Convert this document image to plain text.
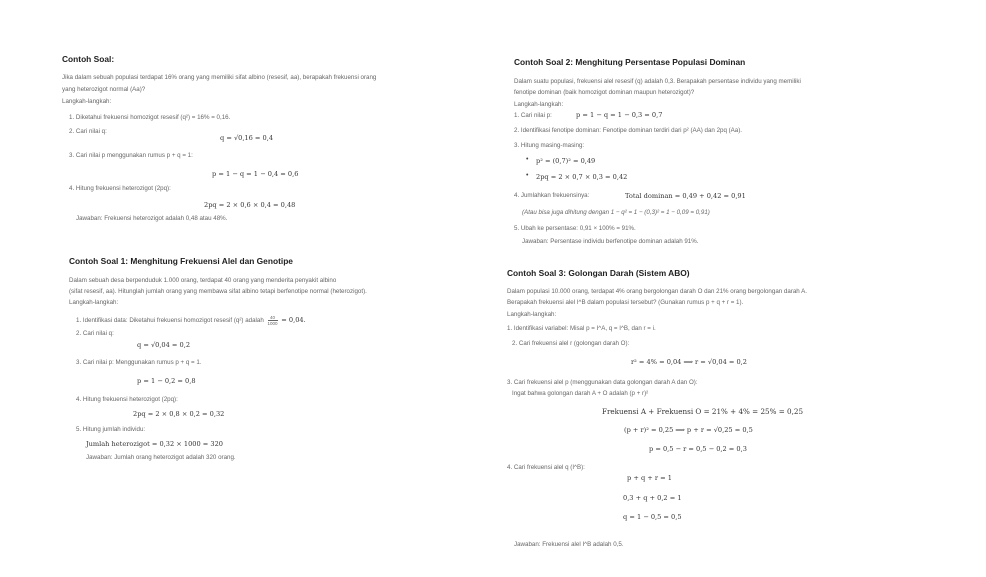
Contoh Soal:
Jika dalam sebuah populasi terdapat 16% orang yang memiliki sifat albino (resesif, aa), berapakah frekuensi orang
yang heterozigot normal (Aa)?
Langkah-langkah:
1. Diketahui frekuensi homozigot resesif (q²) = 16% = 0,16.
2. Cari nilai q:
q = √0,16 = 0,4
3. Cari nilai p menggunakan rumus p + q = 1:
p = 1 − q = 1 − 0,4 = 0,6
4. Hitung frekuensi heterozigot (2pq):
2pq = 2 × 0,6 × 0,4 = 0,48
Jawaban: Frekuensi heterozigot adalah 0,48 atau 48%.
Contoh Soal 1: Menghitung Frekuensi Alel dan Genotipe
Dalam sebuah desa berpenduduk 1.000 orang, terdapat 40 orang yang menderita penyakit albino
(sifat resesif, aa). Hitunglah jumlah orang yang membawa sifat albino tetapi berfenotipe normal (heterozigot).
Langkah-langkah:
1. Identifikasi data: Diketahui frekuensi homozigot resesif (q²) adalah $\frac{40}{1000} = 0,04$.
2. Cari nilai q:
q = √0,04 = 0,2
3. Cari nilai p: Menggunakan rumus p + q = 1.
p = 1 − 0,2 = 0,8
4. Hitung frekuensi heterozigot (2pq):
2pq = 2 × 0,8 × 0,2 = 0,32
5. Hitung jumlah individu:
Jumlah heterozigot = 0,32 × 1000 = 320
Jawaban: Jumlah orang heterozigot adalah 320 orang.
Contoh Soal 2: Menghitung Persentase Populasi Dominan
Dalam suatu populasi, frekuensi alel resesif (q) adalah 0,3. Berapakah persentase individu yang memiliki
fenotipe dominan (baik homozigot dominan maupun heterozigot)?
Langkah-langkah:
1. Cari nilai p:	p = 1 − q = 1 − 0,3 = 0,7
2. Identifikasi fenotipe dominan: Fenotipe dominan terdiri dari p² (AA) dan 2pq (Aa).
3. Hitung masing-masing:
• p² = (0,7)² = 0,49
• 2pq = 2 × 0,7 × 0,3 = 0,42
4. Jumlahkan frekuensinya:	Total dominan = 0,49 + 0,42 = 0,91
(Atau bisa juga dihitung dengan 1 − q² = 1 − (0,3)² = 1 − 0,09 = 0,91)
5. Ubah ke persentase: 0,91 × 100% = 91%.
Jawaban: Persentase individu berfenotipe dominan adalah 91%.
Contoh Soal 3: Golongan Darah (Sistem ABO)
Dalam populasi 10.000 orang, terdapat 4% orang bergolongan darah O dan 21% orang bergolongan darah A.
Berapakah frekuensi alel I^B dalam populasi tersebut? (Gunakan rumus p + q + r = 1).
Langkah-langkah:
1. Identifikasi variabel: Misal p = I^A, q = I^B, dan r = i.
2. Cari frekuensi alel r (golongan darah O):
r² = 4% = 0,04 ⟹ r = √0,04 = 0,2
3. Cari frekuensi alel p (menggunakan data golongan darah A dan O):
Ingat bahwa golongan darah A + O adalah (p + r)²
Frekuensi A + Frekuensi O = 21% + 4% = 25% = 0,25
(p + r)² = 0,25 ⟹ p + r = √0,25 = 0,5
p = 0,5 − r = 0,5 − 0,2 = 0,3
4. Cari frekuensi alel q (I^B):
p + q + r = 1
0,3 + q + 0,2 = 1
q = 1 − 0,5 = 0,5
Jawaban: Frekuensi alel I^B adalah 0,5.
